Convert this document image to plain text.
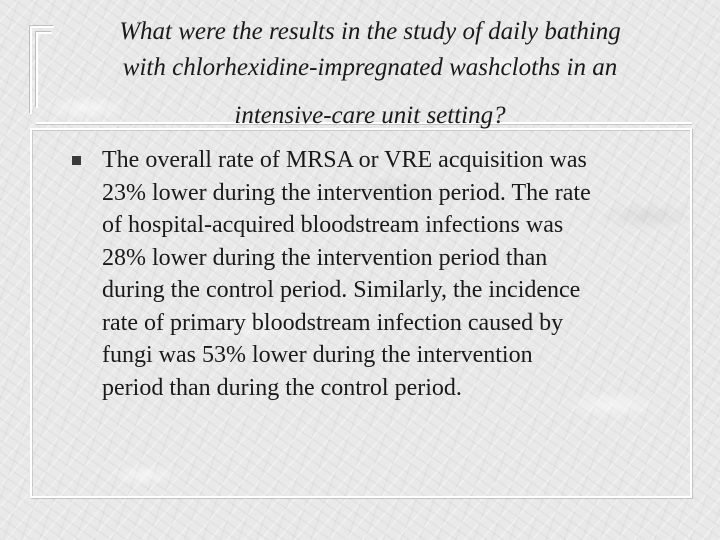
What were the results in the study of daily bathing
with chlorhexidine-impregnated washcloths in an
intensive-care unit setting?
The overall rate of MRSA or VRE acquisition was
23% lower during the intervention period. The rate
of hospital-acquired bloodstream infections was
28% lower during the intervention period than
during the control period. Similarly, the incidence
rate of primary bloodstream infection caused by
fungi was 53% lower during the intervention
period than during the control period.
